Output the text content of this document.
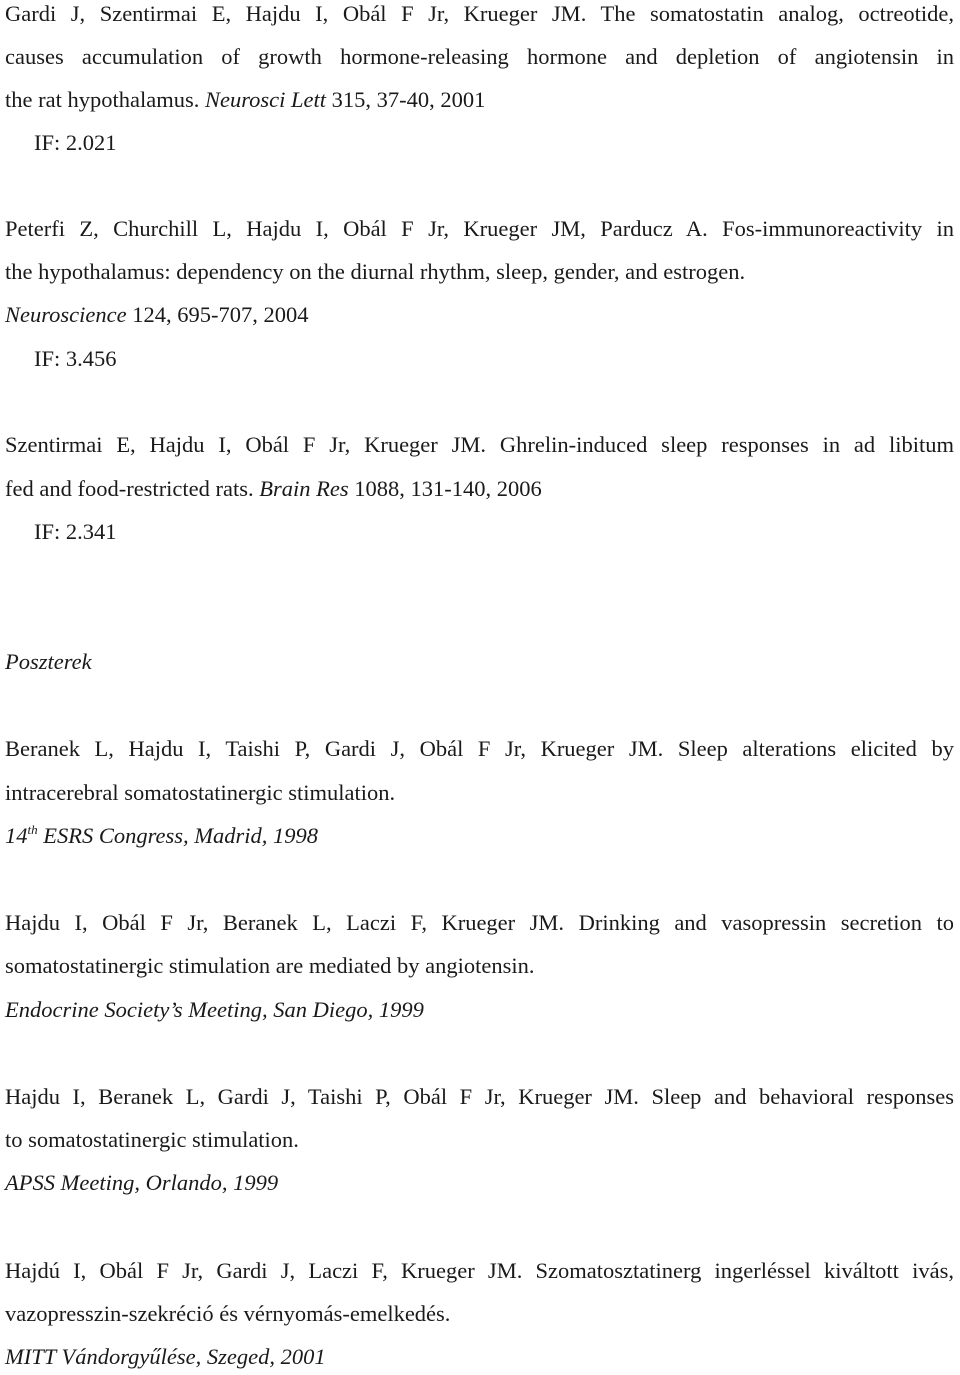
Gardi J, Szentirmai E, Hajdu I, Obál F Jr, Krueger JM. The somatostatin analog, octreotide,
causes accumulation of growth hormone-releasing hormone and depletion of angiotensin in
the rat hypothalamus. Neurosci Lett 315, 37-40, 2001
IF: 2.021
Peterfi Z, Churchill L, Hajdu I, Obál F Jr, Krueger JM, Parducz A. Fos-immunoreactivity in
the hypothalamus: dependency on the diurnal rhythm, sleep, gender, and estrogen.
Neuroscience 124, 695-707, 2004
IF: 3.456
Szentirmai E, Hajdu I, Obál F Jr, Krueger JM. Ghrelin-induced sleep responses in ad libitum
fed and food-restricted rats. Brain Res 1088, 131-140, 2006
IF: 2.341
Poszterek
Beranek L, Hajdu I, Taishi P, Gardi J, Obál F Jr, Krueger JM. Sleep alterations elicited by
intracerebral somatostatinergic stimulation.
14th ESRS Congress, Madrid, 1998
Hajdu I, Obál F Jr, Beranek L, Laczi F, Krueger JM. Drinking and vasopressin secretion to
somatostatinergic stimulation are mediated by angiotensin.
Endocrine Society’s Meeting, San Diego, 1999
Hajdu I, Beranek L, Gardi J, Taishi P, Obál F Jr, Krueger JM. Sleep and behavioral responses
to somatostatinergic stimulation.
APSS Meeting, Orlando, 1999
Hajdú I, Obál F Jr, Gardi J, Laczi F, Krueger JM. Szomatosztatinerg ingerléssel kiváltott ivás,
vazopresszin-szekréció és vérnyomás-emelkedés.
MITT Vándorgyűlése, Szeged, 2001
